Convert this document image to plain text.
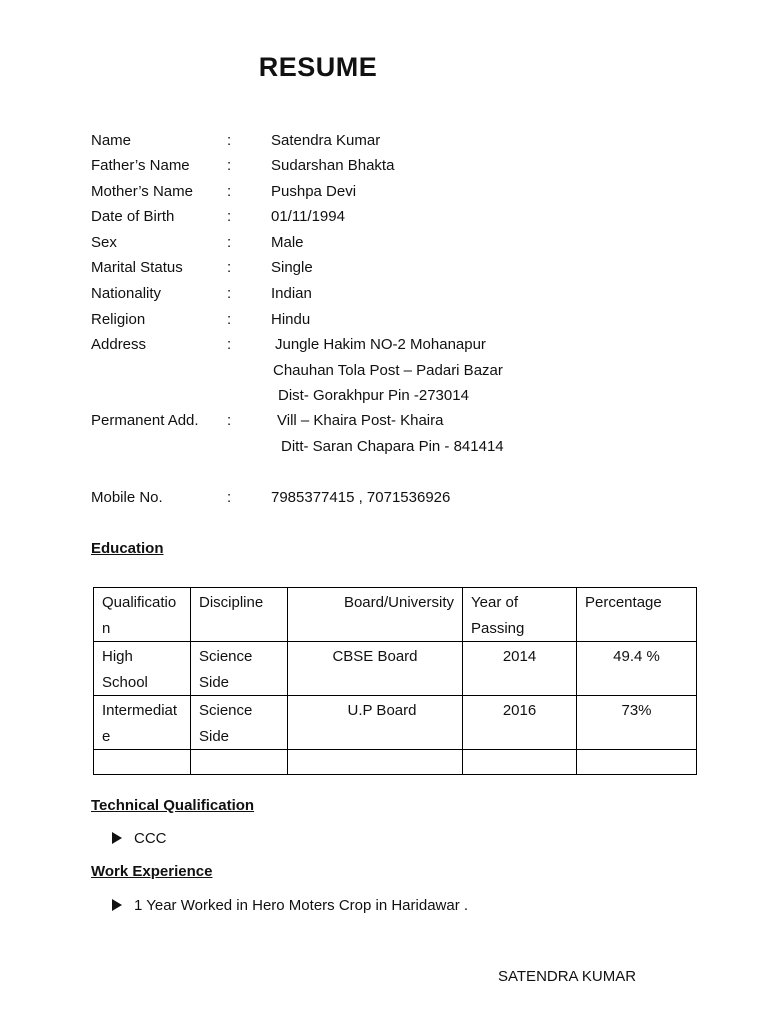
RESUME
Name	:	Satendra Kumar
Father’s Name :	Sudarshan Bhakta
Mother’s Name :	Pushpa Devi
Date of Birth	:	01/11/1994
Sex	:	Male
Marital Status	:	Single
Nationality	:	Indian
Religion	:	Hindu
Address	:	Jungle Hakim NO-2 Mohanapur
Chauhan Tola Post – Padari Bazar
Dist- Gorakhpur Pin -273014
Permanent Add. :	Vill – Khaira Post- Khaira
Ditt- Saran Chapara Pin - 841414
Mobile No.	:	7985377415 , 7071536926
Education
Qualification	Discipline	Board/University	Year of Passing	Percentage
High School	Science Side	CBSE Board	2014	49.4 %
Intermediate	Science Side	U.P Board	2016	73%

Technical Qualification
CCC
Work Experience
1 Year Worked in Hero Moters Crop in Haridawar .
SATENDRA KUMAR
